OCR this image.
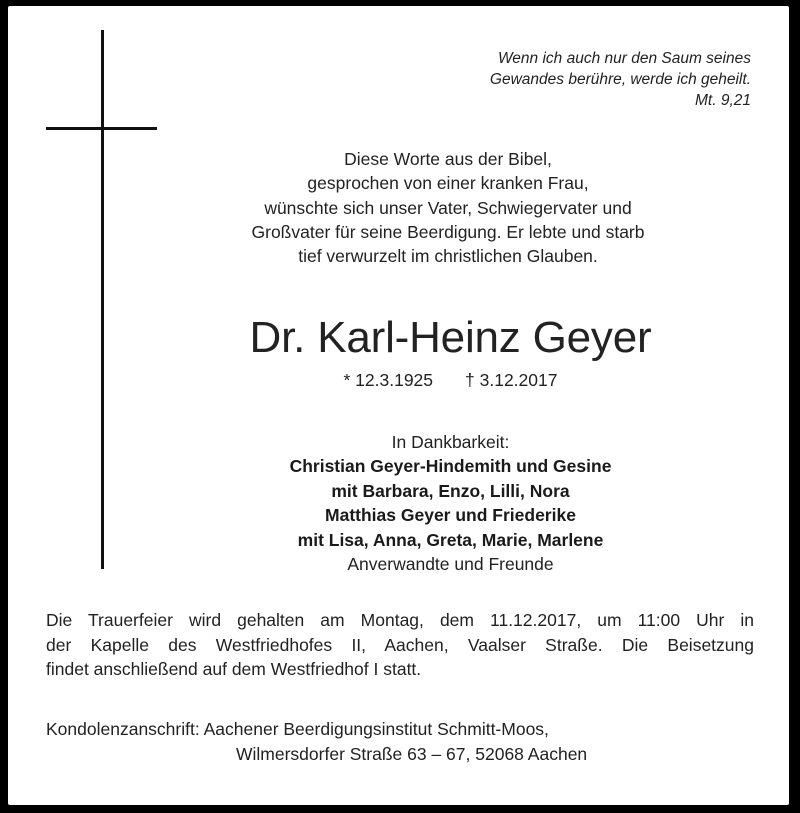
Wenn ich auch nur den Saum seines
Gewandes berühre, werde ich geheilt.
Mt. 9,21
Diese Worte aus der Bibel,
gesprochen von einer kranken Frau,
wünschte sich unser Vater, Schwiegervater und
Großvater für seine Beerdigung. Er lebte und starb
tief verwurzelt im christlichen Glauben.
Dr. Karl-Heinz Geyer
* 12.3.1925 † 3.12.2017
In Dankbarkeit:
Christian Geyer-Hindemith und Gesine
mit Barbara, Enzo, Lilli, Nora
Matthias Geyer und Friederike
mit Lisa, Anna, Greta, Marie, Marlene
Anverwandte und Freunde
Die Trauerfeier wird gehalten am Montag, dem 11.12.2017, um 11:00 Uhr in
der Kapelle des Westfriedhofes II, Aachen, Vaalser Straße. Die Beisetzung
findet anschließend auf dem Westfriedhof I statt.
Kondolenzanschrift: Aachener Beerdigungsinstitut Schmitt-Moos,
Wilmersdorfer Straße 63 – 67, 52068 Aachen
